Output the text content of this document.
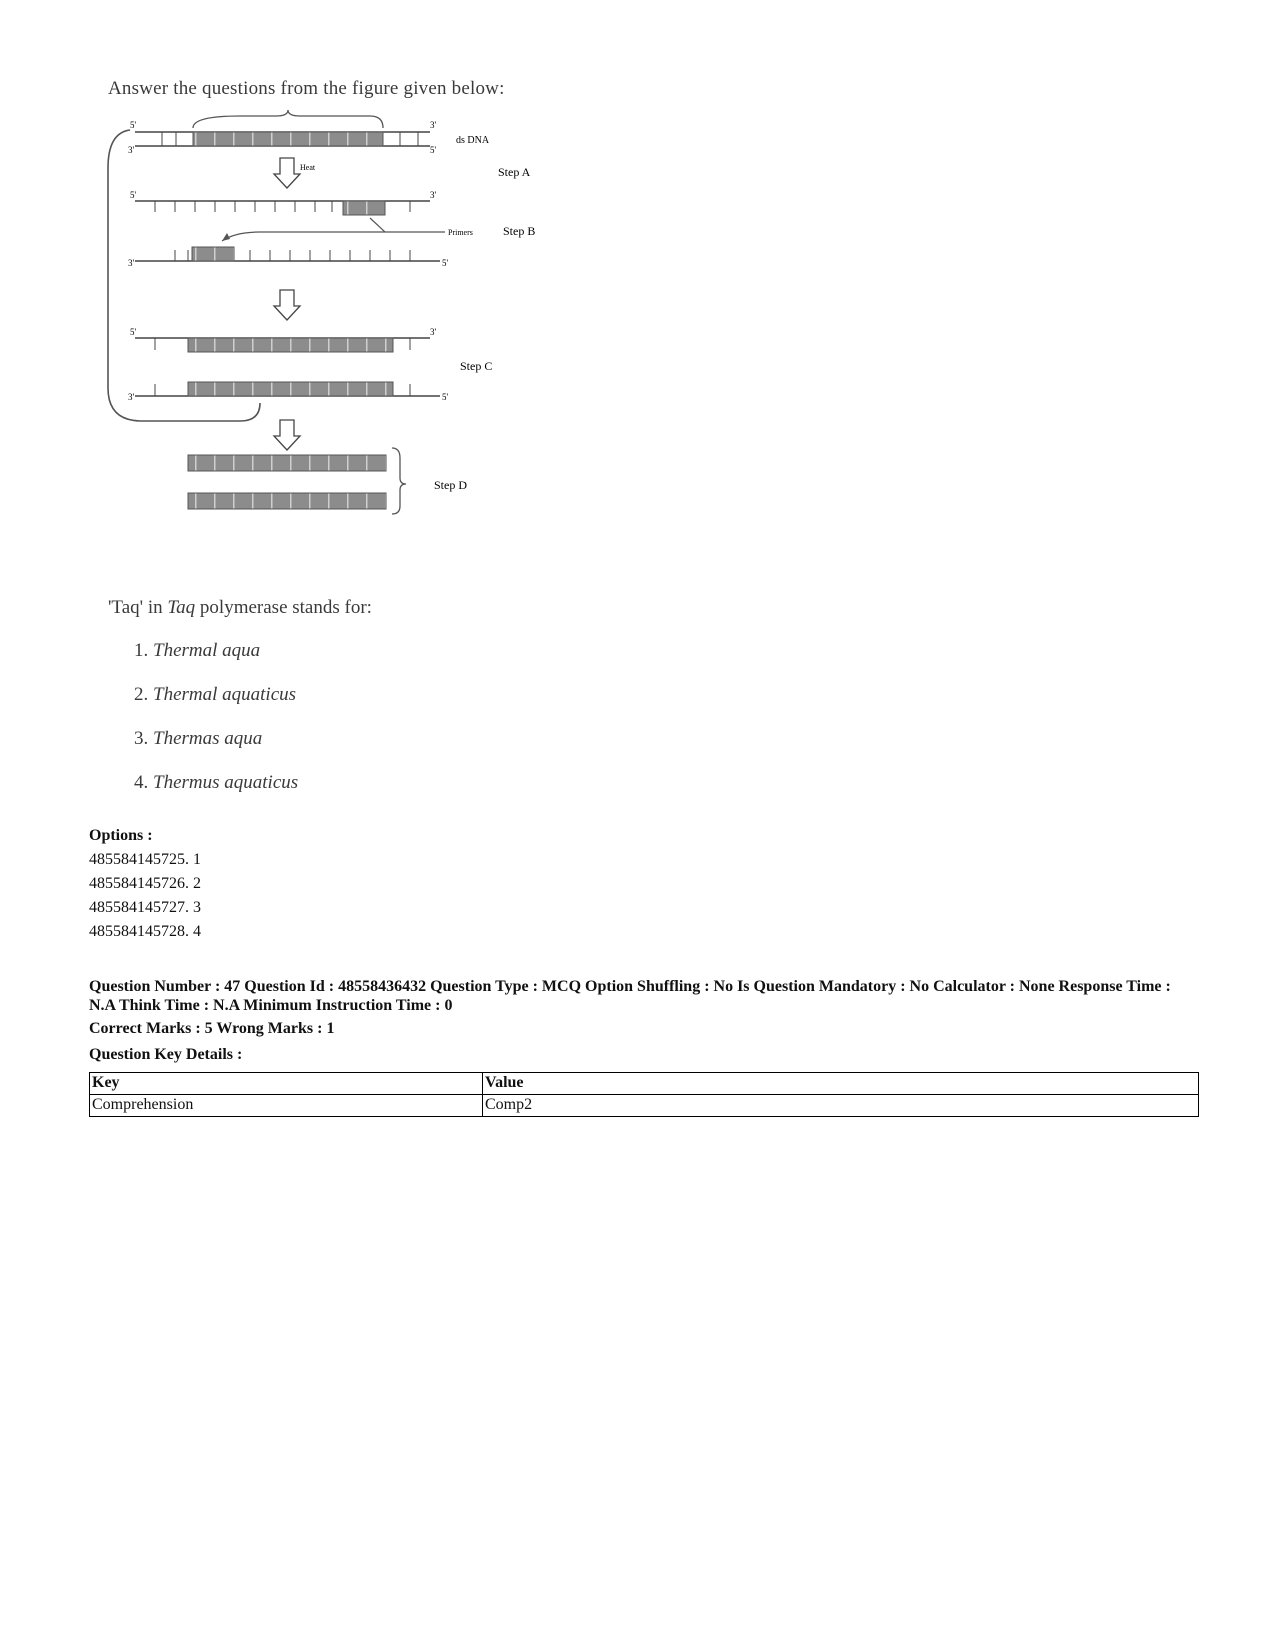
Answer the questions from the figure given below:
5'
3'
3'
5'
ds DNA
Heat	Step A
5'	3'
Primers	Step B
3'	5'
5'	3'
Step C
3'	5'
Step D
'Taq' in Taq polymerase stands for:
1. Thermal aqua
2. Thermal aquaticus
3. Thermas aqua
4. Thermus aquaticus
Options :
485584145725. 1
485584145726. 2
485584145727. 3
485584145728. 4
Question Number : 47 Question Id : 48558436432 Question Type : MCQ Option Shuffling : No Is Question Mandatory : No Calculator : None Response Time : N.A Think Time : N.A Minimum Instruction Time : 0
Correct Marks : 5 Wrong Marks : 1
Question Key Details :
Key	Value
Comprehension	Comp2
